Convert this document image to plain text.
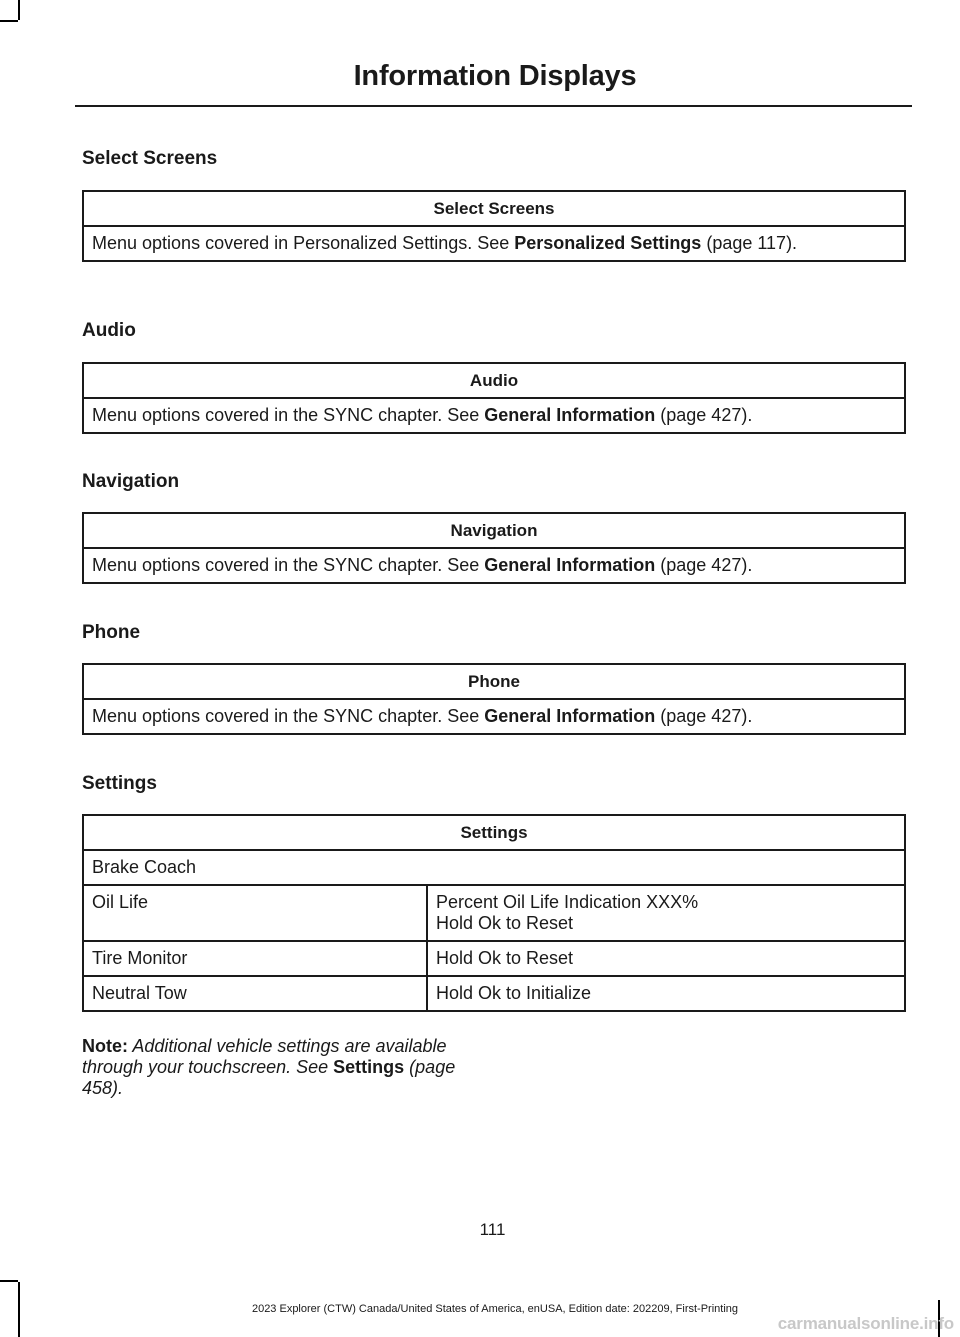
Information Displays
Select Screens
Select Screens
Menu options covered in Personalized Settings. See Personalized Settings (page 117).
Audio
Audio
Menu options covered in the SYNC chapter. See General Information (page 427).
Navigation
Navigation
Menu options covered in the SYNC chapter. See General Information (page 427).
Phone
Phone
Menu options covered in the SYNC chapter. See General Information (page 427).
Settings
Settings	
Brake Coach	
Oil Life	Percent Oil Life Indication XXX%
Hold Ok to Reset

Tire Monitor	Hold Ok to Reset
Neutral Tow	Hold Ok to Initialize
Note: Additional vehicle settings are available through your touchscreen. See Settings (page 458).
111
2023 Explorer (CTW) Canada/United States of America, enUSA, Edition date: 202209, First-Printing
carmanualsonline.info
